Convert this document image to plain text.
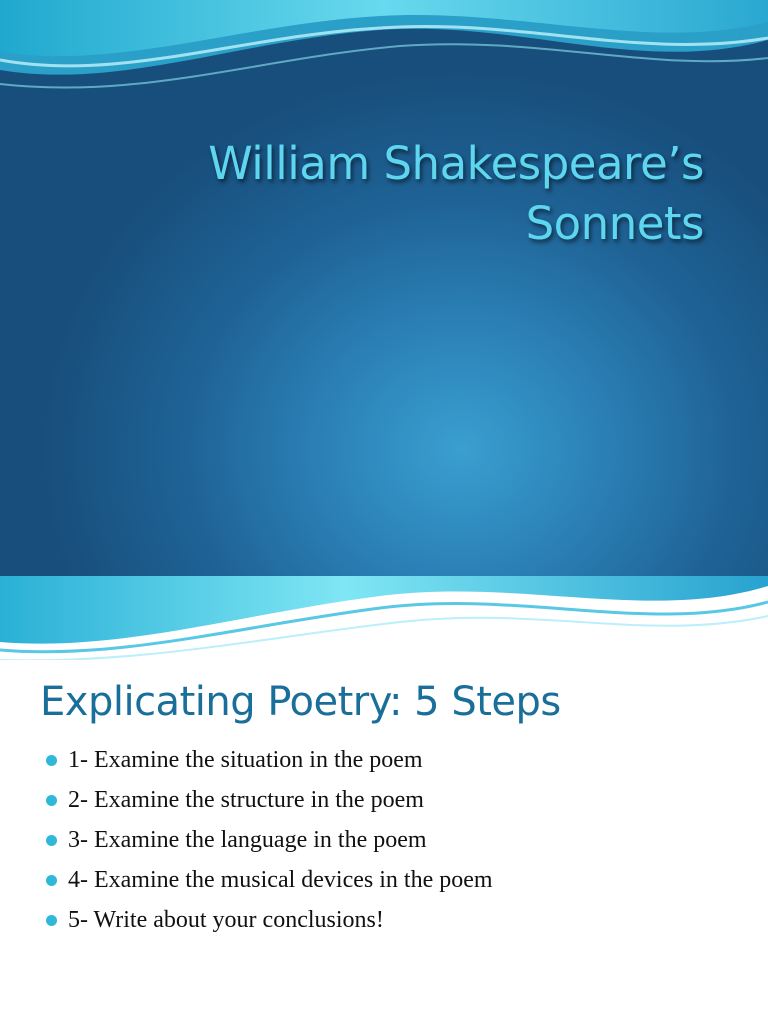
William Shakespeare’s
Sonnets
Explicating Poetry: 5 Steps
1- Examine the situation in the poem
2- Examine the structure in the poem
3- Examine the language in the poem
4- Examine the musical devices in the poem
5- Write about your conclusions!
